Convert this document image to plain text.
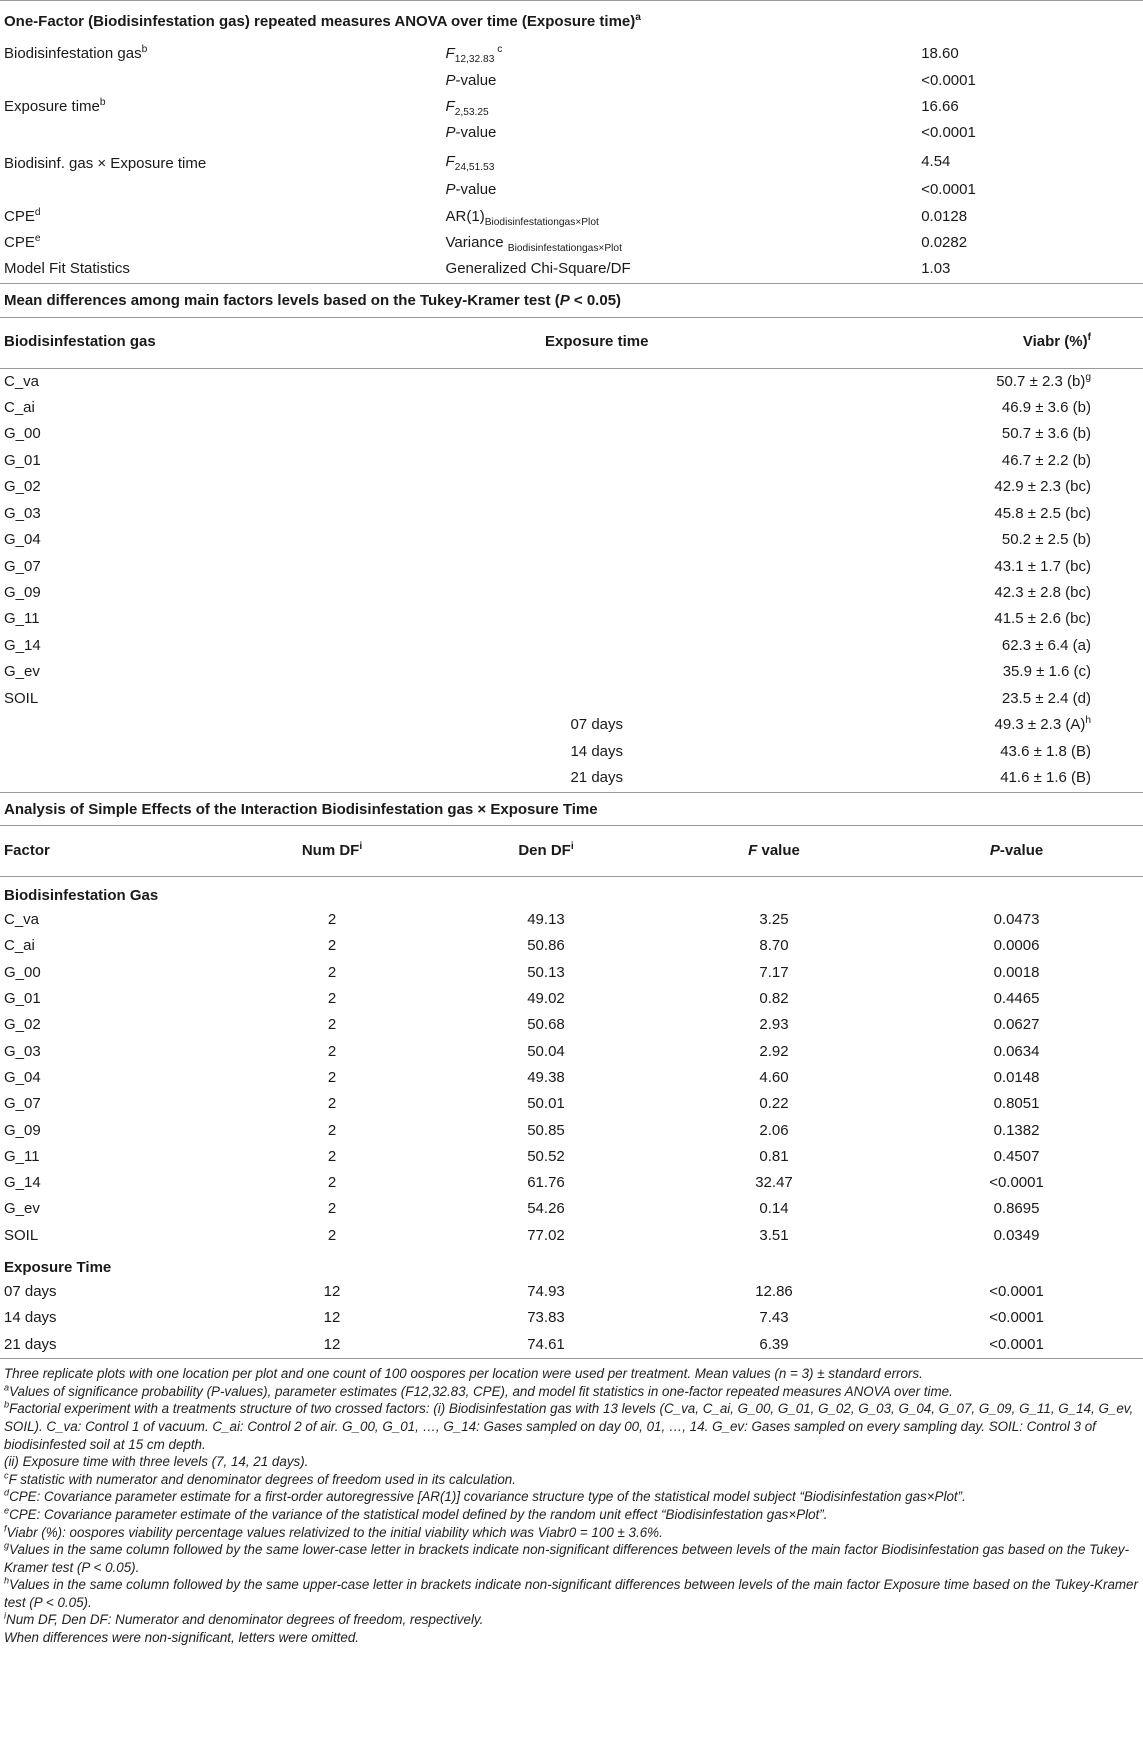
One-Factor (Biodisinfestation gas) repeated measures ANOVA over time (Exposure time)$^a$
Biodisinfestation gas$^b$	$F_{12,32.83}$ $^c$	18.60
	P-value	<0.0001
Exposure time$^b$	$F_{2,53.25}$	16.66
	P-value	<0.0001
Biodisinf. gas × Exposure time	$F_{24,51.53}$	4.54
	P-value	<0.0001
CPE$^d$	$AR(1)_{Biodisinfestationgas\times Plot}$	0.0128
CPE$^e$	Variance $_{Biodisinfestationgas\times Plot}$	0.0282
Model Fit Statistics	Generalized Chi-Square/DF	1.03
Mean differences among main factors levels based on the Tukey-Kramer test (P < 0.05)		
Biodisinfestation gas	Exposure time	Viabr (%)$^f$
C_va		50.7 ± 2.3 $(b)^g$
C_ai		46.9 ± 3.6 (b)
G_00		50.7 ± 3.6 (b)
G_01		46.7 ± 2.2 (b)
G_02		42.9 ± 2.3 (bc)
G_03		45.8 ± 2.5 (bc)
G_04		50.2 ± 2.5 (b)
G_07		43.1 ± 1.7 (bc)
G_09		42.3 ± 2.8 (bc)
G_11		41.5 ± 2.6 (bc)
G_14		62.3 ± 6.4 (a)
G_ev		35.9 ± 1.6 (c)
SOIL		23.5 ± 2.4 (d)
	07 days	49.3 ± 2.3 $(A)^h$
	14 days	43.6 ± 1.8 (B)
	21 days	41.6 ± 1.6 (B)
Analysis of Simple Effects of the Interaction Biodisinfestation gas × Exposure Time				
Factor	Num $DF^i$	Den $DF^i$	F value	P-value
Biodisinfestation Gas				
C_va	2	49.13	3.25	0.0473
C_ai	2	50.86	8.70	0.0006
G_00	2	50.13	7.17	0.0018
G_01	2	49.02	0.82	0.4465
G_02	2	50.68	2.93	0.0627
G_03	2	50.04	2.92	0.0634
G_04	2	49.38	4.60	0.0148
G_07	2	50.01	0.22	0.8051
G_09	2	50.85	2.06	0.1382
G_11	2	50.52	0.81	0.4507
G_14	2	61.76	32.47	<0.0001
G_ev	2	54.26	0.14	0.8695
SOIL	2	77.02	3.51	0.0349
Exposure Time				
07 days	12	74.93	12.86	<0.0001
14 days	12	73.83	7.43	<0.0001
21 days	12	74.61	6.39	<0.0001

Three replicate plots with one location per plot and one count of 100 oospores per location were used per treatment. Mean values (n = 3) ± standard errors.

$^a$Values of significance probability (P-values), parameter estimates (F12,32.83, CPE), and model fit statistics in one-factor repeated measures ANOVA over time.

$^b$Factorial experiment with a treatments structure of two crossed factors: (i) Biodisinfestation gas with 13 levels (C_va, C_ai, G_00, G_01, G_02, G_03, G_04, G_07, G_09, G_11, G_14, G_ev, SOIL). C_va: Control 1 of vacuum. C_ai: Control 2 of air. G_00, G_01, …, G_14: Gases sampled on day 00, 01, …, 14. G_ev: Gases sampled on every sampling day. SOIL: Control 3 of biodisinfested soil at 15 cm depth.

(ii) Exposure time with three levels (7, 14, 21 days).

$^c$F statistic with numerator and denominator degrees of freedom used in its calculation.

$^d$CPE: Covariance parameter estimate for a first-order autoregressive [AR(1)] covariance structure type of the statistical model subject “Biodisinfestation gas×Plot”.

$^e$CPE: Covariance parameter estimate of the variance of the statistical model defined by the random unit effect “Biodisinfestation gas×Plot”.

$^f$Viabr (%): oospores viability percentage values relativized to the initial viability which was Viabr0 = 100 ± 3.6%.

$^g$Values in the same column followed by the same lower-case letter in brackets indicate non-significant differences between levels of the main factor Biodisinfestation gas based on the Tukey-Kramer test (P < 0.05).

$^h$Values in the same column followed by the same upper-case letter in brackets indicate non-significant differences between levels of the main factor Exposure time based on the Tukey-Kramer test (P < 0.05).

$^i$Num DF, Den DF: Numerator and denominator degrees of freedom, respectively.

When differences were non-significant, letters were omitted.
